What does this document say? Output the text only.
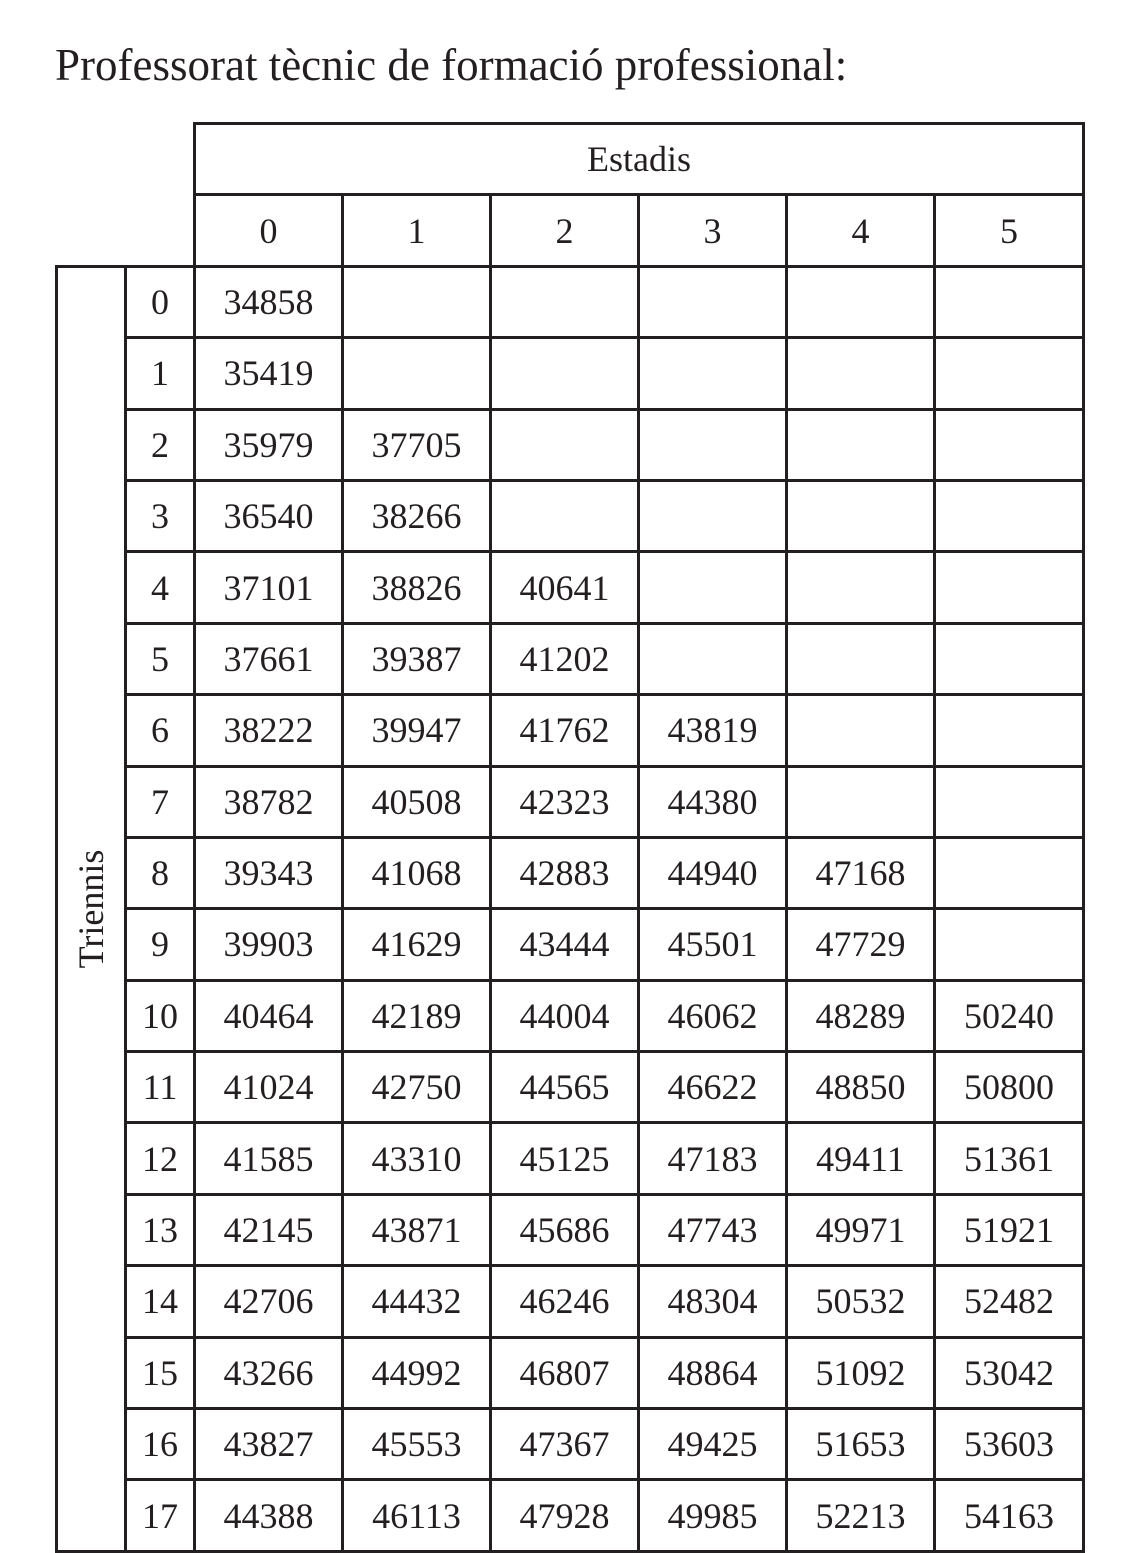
Professorat tècnic de formació professional:
		Estadis					
		0	1	2	3	4	5

Triennis	0	34858					
	1	35419					
	2	35979	37705				
	3	36540	38266				
	4	37101	38826	40641			
	5	37661	39387	41202			
	6	38222	39947	41762	43819		
	7	38782	40508	42323	44380		
	8	39343	41068	42883	44940	47168	
	9	39903	41629	43444	45501	47729	
	10	40464	42189	44004	46062	48289	50240
	11	41024	42750	44565	46622	48850	50800
	12	41585	43310	45125	47183	49411	51361
	13	42145	43871	45686	47743	49971	51921
	14	42706	44432	46246	48304	50532	52482
	15	43266	44992	46807	48864	51092	53042
	16	43827	45553	47367	49425	51653	53603
	17	44388	46113	47928	49985	52213	54163
